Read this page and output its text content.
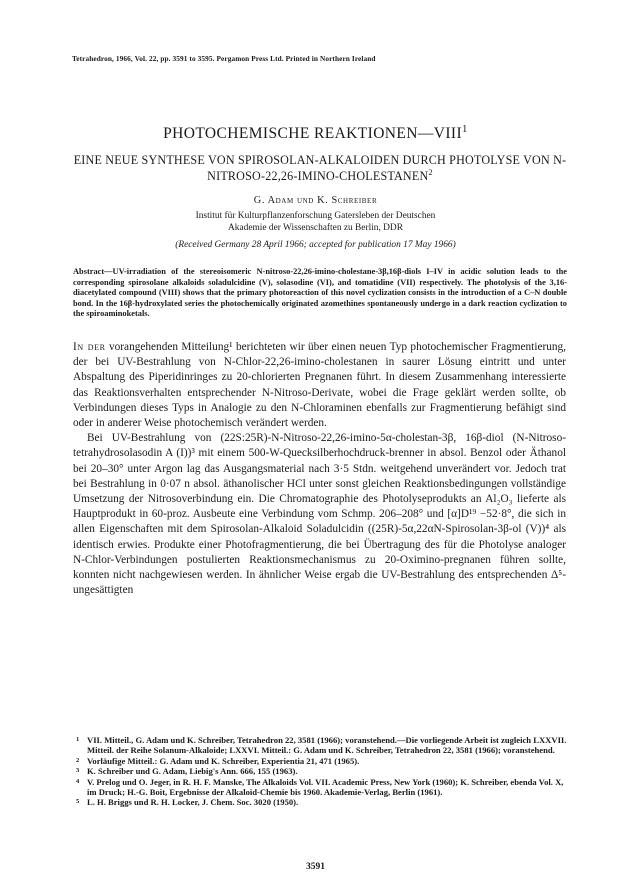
Tetrahedron, 1966, Vol. 22, pp. 3591 to 3595. Pergamon Press Ltd. Printed in Northern Ireland
PHOTOCHEMISCHE REAKTIONEN—VIII$^1$
EINE NEUE SYNTHESE VON SPIROSOLAN-ALKALOIDEN DURCH PHOTOLYSE VON N-NITROSO-22,26-IMINO-CHOLESTANEN$^2$
G. Adam und K. Schreiber
Institut für Kulturpflanzenforschung Gatersleben der Deutschen
Akademie der Wissenschaften zu Berlin, DDR
(Received Germany 28 April 1966; accepted for publication 17 May 1966)
Abstract—UV-irradiation of the stereoisomeric N-nitroso-22,26-imino-cholestane-3β,16β-diols I–IV in acidic solution leads to the corresponding spirosolane alkaloids soladulcidine (V), solasodine (VI), and tomatidine (VII) respectively. The photolysis of the 3,16-diacetylated compound (VIII) shows that the primary photoreaction of this novel cyclization consists in the introduction of a C–N double bond. In the 16β-hydroxylated series the photochemically originated azomethines spontaneously undergo in a dark reaction cyclization to the spiroaminoketals.

In der vorangehenden Mitteilung¹ berichteten wir über einen neuen Typ photochemischer Fragmentierung, der bei UV-Bestrahlung von N-Chlor-22,26-imino-cholestanen in saurer Lösung eintritt und unter Abspaltung des Piperidinringes zu 20-chlorierten Pregnanen führt. In diesem Zusammenhang interessierte das Reaktionsverhalten entsprechender N-Nitroso-Derivate, wobei die Frage geklärt werden sollte, ob Verbindungen dieses Typs in Analogie zu den N-Chloraminen ebenfalls zur Fragmentierung befähigt sind oder in anderer Weise photochemisch verändert werden.

Bei UV-Bestrahlung von (22S:25R)-N-Nitroso-22,26-imino-5α-cholestan-3β, 16β-diol (N-Nitroso-tetrahydrosolasodin A (I))³ mit einem 500-W-Quecksilberhochdruck-brenner in absol. Benzol oder Äthanol bei 20–30° unter Argon lag das Ausgangsmaterial nach 3·5 Stdn. weitgehend unverändert vor. Jedoch trat bei Bestrahlung in 0·07 n absol. äthanolischer HCl unter sonst gleichen Reaktionsbedingungen vollständige Umsetzung der Nitrosoverbindung ein. Die Chromatographie des Photolyseprodukts an Al₂O₃ lieferte als Hauptprodukt in 60-proz. Ausbeute eine Verbindung vom Schmp. 206–208° und [α]D¹⁹ −52·8°, die sich in allen Eigenschaften mit dem Spirosolan-Alkaloid Soladulcidin ((25R)-5α,22αN-Spirosolan-3β-ol (V))⁴ als identisch erwies. Produkte einer Photofragmentierung, die bei Übertragung des für die Photolyse analoger N-Chlor-Verbindungen postulierten Reaktionsmechanismus zu 20-Oximino-pregnanen führen sollte, konnten nicht nachgewiesen werden. In ähnlicher Weise ergab die UV-Bestrahlung des entsprechenden Δ⁵-ungesättigten

1 VII. Mitteil., G. Adam und K. Schreiber, Tetrahedron 22, 3581 (1966); voranstehend.—Die vorliegende Arbeit ist zugleich LXXVII. Mitteil. der Reihe Solanum-Alkaloide; LXXVI. Mitteil.: G. Adam und K. Schreiber, Tetrahedron 22, 3581 (1966); voranstehend.

2 Vorläufige Mitteil.: G. Adam und K. Schreiber, Experientia 21, 471 (1965).

3 K. Schreiber und G. Adam, Liebig's Ann. 666, 155 (1963).

4 V. Prelog und O. Jeger, in R. H. F. Manske, The Alkaloids Vol. VII. Academic Press, New York (1960); K. Schreiber, ebenda Vol. X, im Druck; H.-G. Boit, Ergebnisse der Alkaloid-Chemie bis 1960. Akademie-Verlag, Berlin (1961).

5 L. H. Briggs und R. H. Locker, J. Chem. Soc. 3020 (1950).

3591
